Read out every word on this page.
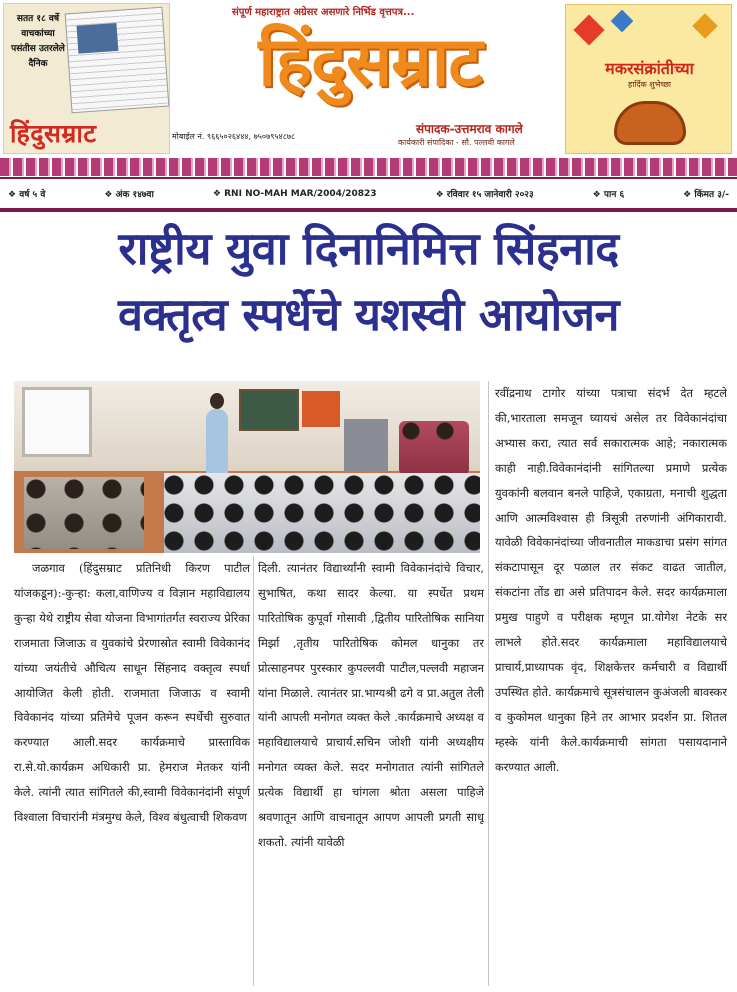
सतत १८ वर्षे वाचकांच्या पसंतीस उतरलेले दैनिक
हिंदुसम्राट
संपूर्ण महाराष्ट्रात अग्रेसर असणारे निर्भिड वृत्तपत्र...
हिंदुसम्राट
मोबाईल नं. ९६६५०२६४४४, ७५०७९५४८७८
संपादक-उत्तमराव कागले
कार्यकारी संपादिका - सौ. पल्लवी कागले
मकरसंक्रांतीच्या
हार्दिक शुभेच्छा
❖ वर्ष ५ वे	❖ अंक १४७वा	❖ RNI NO-MAH MAR/2004/20823	❖ रविवार १५ जानेवारी २०२३	❖ पान ६	❖ किंमत ३/-
राष्ट्रीय युवा दिनानिमित्त सिंहनाद
वक्तृत्व स्पर्धेचे यशस्वी आयोजन

जळगाव (हिंदुसम्राट प्रतिनिधी किरण पाटील यांजकडून):-कुऱ्हा: कला,वाणिज्य व विज्ञान महाविद्यालय कुऱ्हा येथे राष्ट्रीय सेवा योजना विभागांतर्गत स्वराज्य प्रेरिका राजमाता जिजाऊ व युवकांचे प्रेरणास्रोत स्वामी विवेकानंद यांच्या जयंतीचे औचित्य साधून सिंहनाद वक्तृत्व स्पर्धा आयोजित केली होती. राजमाता जिजाऊ व स्वामी विवेकानंद यांच्या प्रतिमेचे पूजन करून स्पर्धेची सुरुवात करण्यात आली.सदर कार्यक्रमाचे प्रास्ताविक रा.से.यो.कार्यक्रम अधिकारी प्रा. हेमराज मेतकर यांनी केले. त्यांनी त्यात सांगितले की,स्वामी विवेकानंदांनी संपूर्ण विश्वाला विचारांनी मंत्रमुग्ध केले, विश्व बंधुत्वाची शिकवण

दिली. त्यानंतर विद्यार्थ्यांनी स्वामी विवेकानंदांचे विचार, सुभाषित, कथा सादर केल्या. या स्पर्धेत प्रथम पारितोषिक कुपूर्वा गोसावी ,द्वितीय पारितोषिक सानिया मिर्झा ,तृतीय पारितोषिक कोमल धानुका तर प्रोत्साहनपर पुरस्कार कुपल्लवी पाटील,पल्लवी महाजन यांना मिळाले. त्यानंतर प्रा.भाग्यश्री ढगे व प्रा.अतुल तेली यांनी आपली मनोगत व्यक्त केले .कार्यक्रमाचे अध्यक्ष व महाविद्यालयाचे प्राचार्य.सचिन जोशी यांनी अध्यक्षीय मनोगत व्यक्त केले. सदर मनोगतात त्यांनी सांगितले प्रत्येक विद्यार्थी हा चांगला श्रोता असला पाहिजे श्रवणातून आणि वाचनातून आपण आपली प्रगती साधू शकतो. त्यांनी यावेळी

रवींद्रनाथ टागोर यांच्या पत्राचा संदर्भ देत म्हटले की,भारताला समजून घ्यायचं असेल तर विवेकानंदांचा अभ्यास करा, त्यात सर्व सकारात्मक आहे; नकारात्मक काही नाही.विवेकानंदांनी सांगितल्या प्रमाणे प्रत्येक युवकांनी बलवान बनले पाहिजे, एकाग्रता, मनाची शुद्धता आणि आत्मविश्वास ही त्रिसूत्री तरुणांनी अंगिकारावी. यावेळी विवेकानंदांच्या जीवनातील माकडाचा प्रसंग सांगत संकटापासून दूर पळाल तर संकट वाढत जातील, संकटांना तोंड द्या असे प्रतिपादन केले. सदर कार्यक्रमाला प्रमुख पाहुणे व परीक्षक म्हणून प्रा.योगेश नेटके सर लाभले होते.सदर कार्यक्रमाला महाविद्यालयाचे प्राचार्य,प्राध्यापक वृंद, शिक्षकेत्तर कर्मचारी व विद्यार्थी उपस्थित होते. कार्यक्रमाचे सूत्रसंचालन कुअंजली बावस्कर व कुकोमल धानुका हिने तर आभार प्रदर्शन प्रा. शितल म्हस्के यांनी केले.कार्यक्रमाची सांगता पसायदानाने करण्यात आली.
